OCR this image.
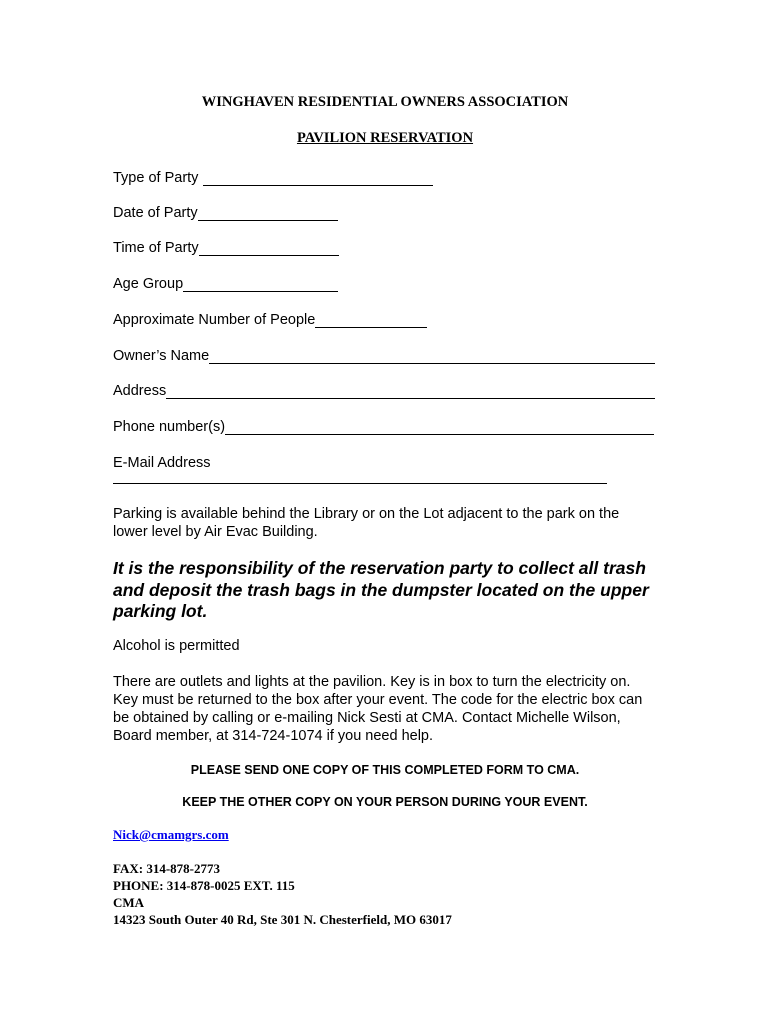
WINGHAVEN RESIDENTIAL OWNERS ASSOCIATION
PAVILION RESERVATION
Type of Party
Date of Party
Time of Party
Age Group
Approximate Number of People
Owner’s Name
Address
Phone number(s)
E-Mail Address
Parking is available behind the Library or on the Lot adjacent to the park on the lower level by Air Evac Building.
It is the responsibility of the reservation party to collect all trash and deposit the trash bags in the dumpster located on the upper parking lot.
Alcohol is permitted
There are outlets and lights at the pavilion. Key is in box to turn the electricity on. Key must be returned to the box after your event. The code for the electric box can be obtained by calling or e-mailing Nick Sesti at CMA. Contact Michelle Wilson, Board member, at 314-724-1074 if you need help.
PLEASE SEND ONE COPY OF THIS COMPLETED FORM TO CMA.
KEEP THE OTHER COPY ON YOUR PERSON DURING YOUR EVENT.
Nick@cmamgrs.com
FAX: 314-878-2773
PHONE: 314-878-0025 EXT. 115
CMA
14323 South Outer 40 Rd, Ste 301 N. Chesterfield, MO 63017
